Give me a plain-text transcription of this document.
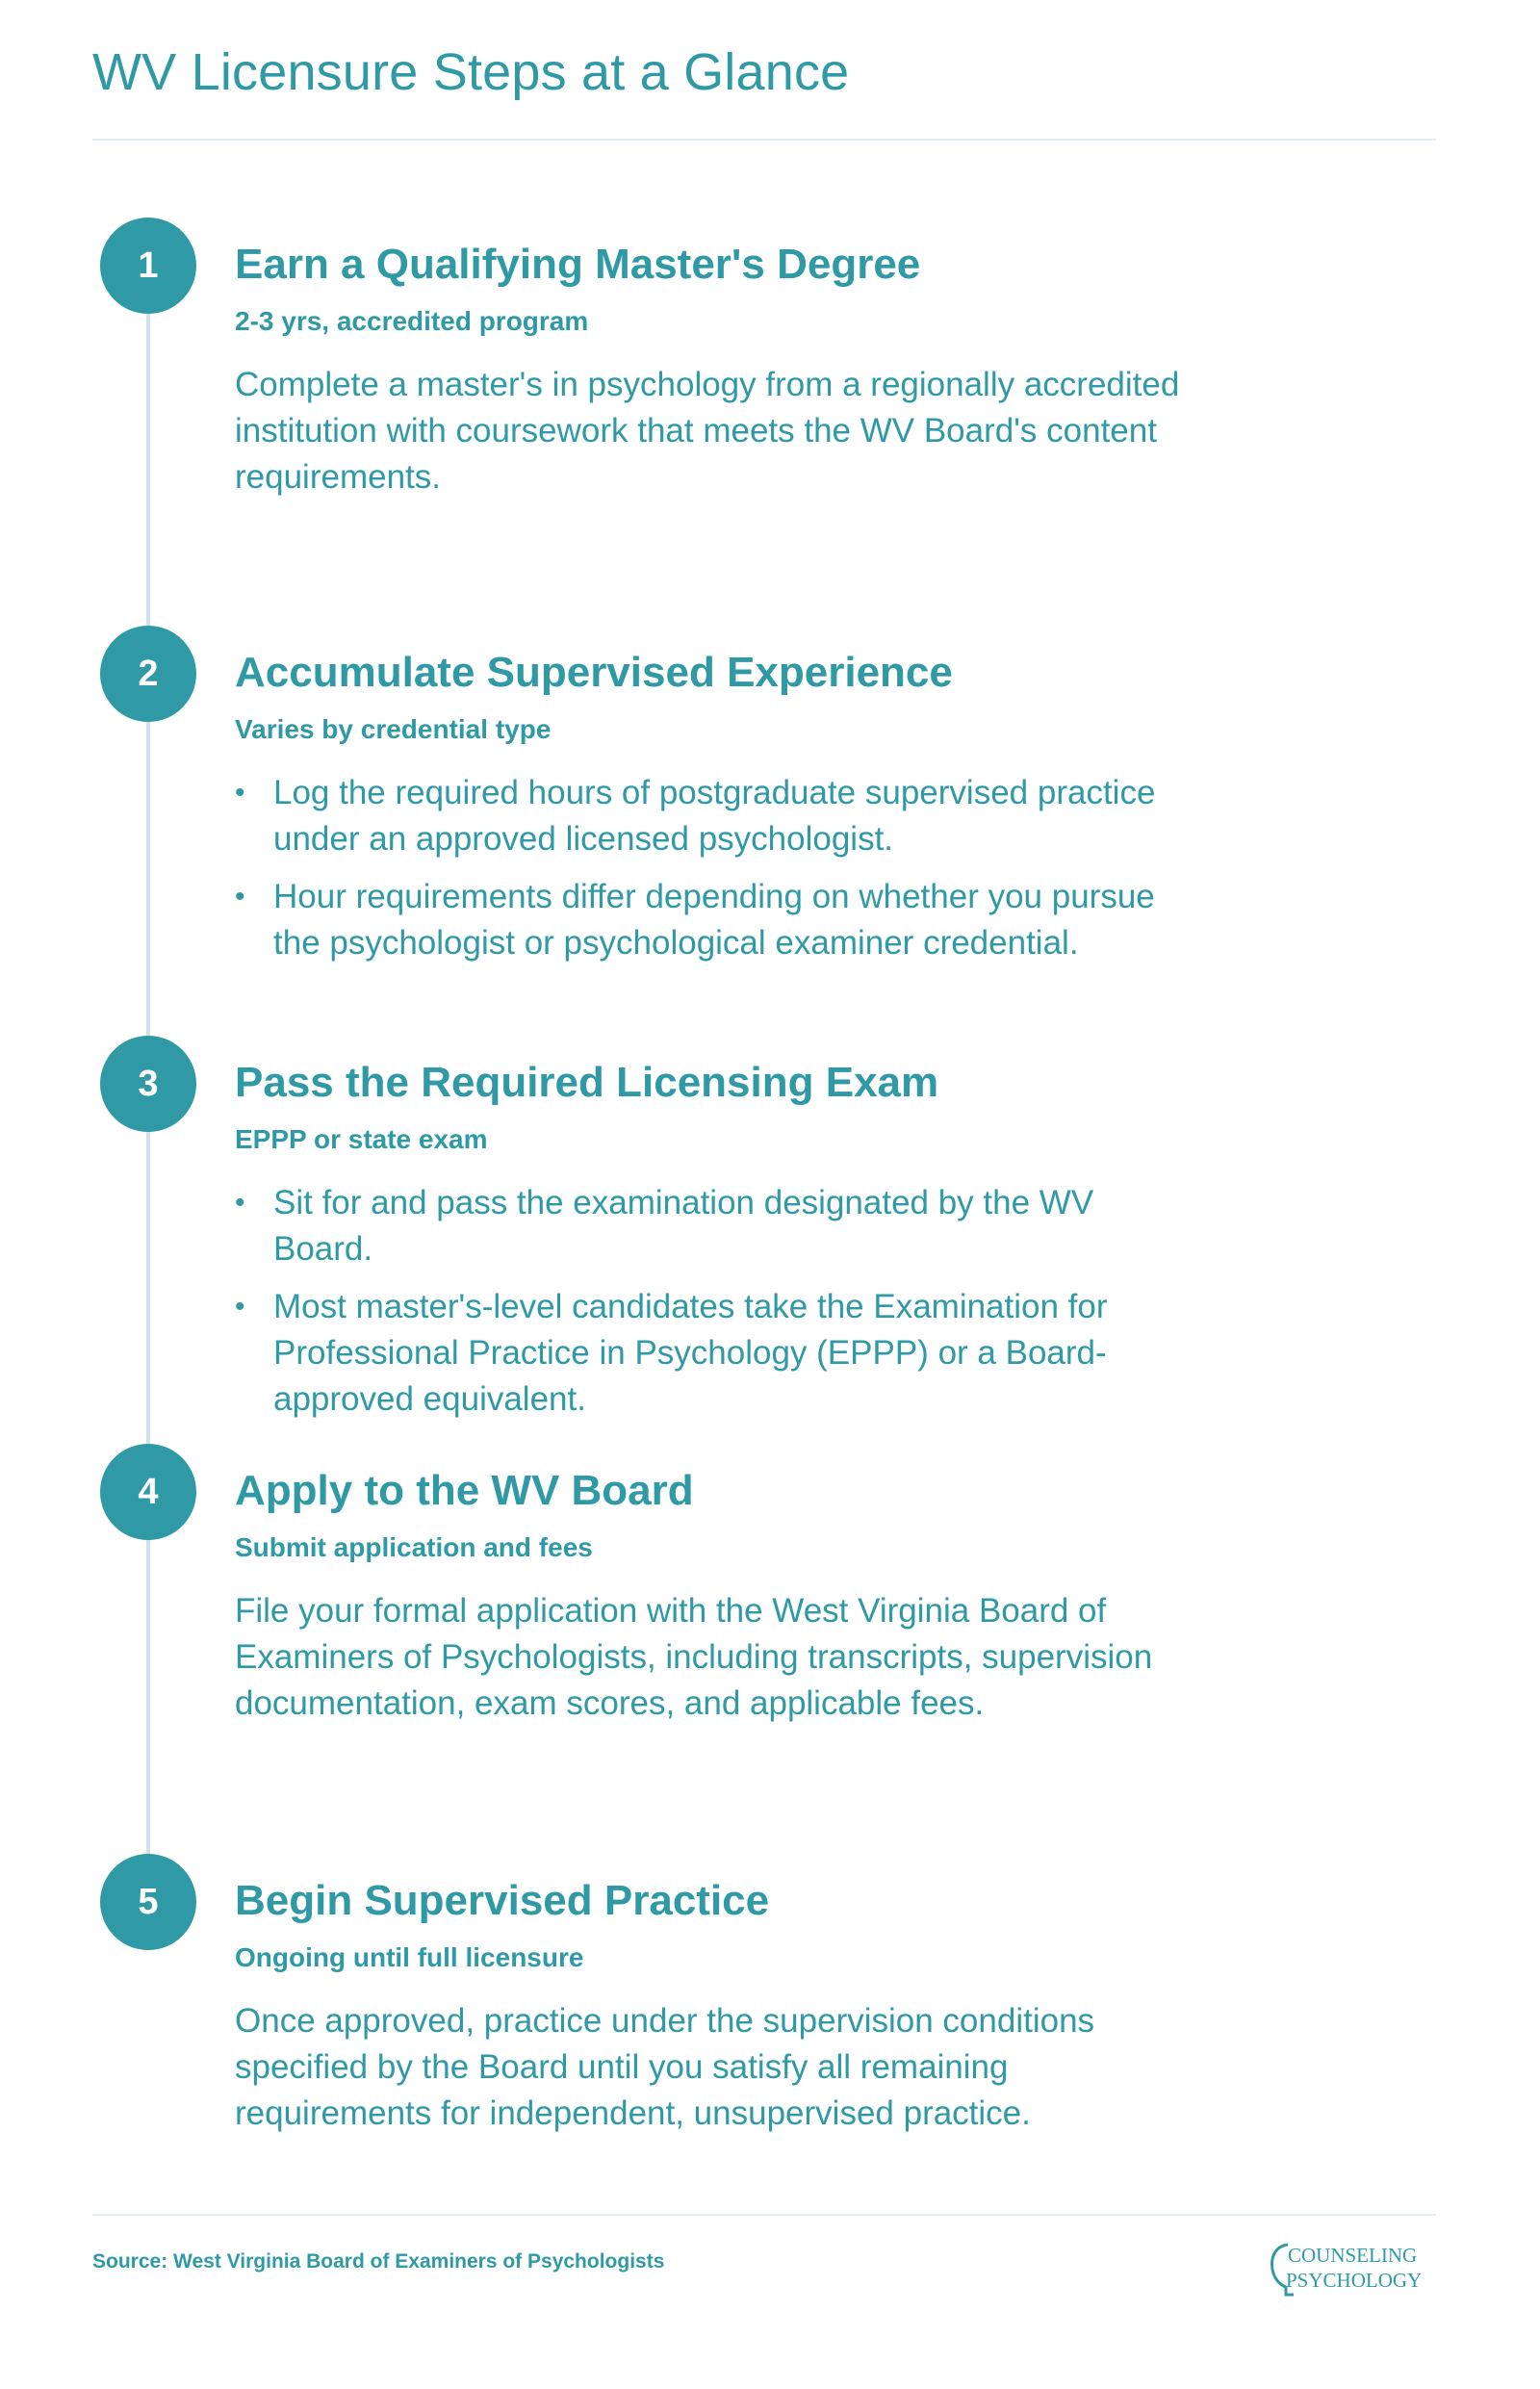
WV Licensure Steps at a Glance
1	Earn a Qualifying Master's Degree
2-3 yrs, accredited program

Complete a master's in psychology from a regionally accredited institution with coursework that meets the WV Board's content requirements.

2	Accumulate Supervised Experience
Varies by credential type
• Log the required hours of postgraduate supervised practice under an approved licensed psychologist.
• Hour requirements differ depending on whether you pursue the psychologist or psychological examiner credential.
3	Pass the Required Licensing Exam
EPPP or state exam
• Sit for and pass the examination designated by the WV Board.
• Most master's-level candidates take the Examination for Professional Practice in Psychology (EPPP) or a Board-approved equivalent.
4	Apply to the WV Board
Submit application and fees

File your formal application with the West Virginia Board of Examiners of Psychologists, including transcripts, supervision documentation, exam scores, and applicable fees.

5	Begin Supervised Practice
Ongoing until full licensure

Once approved, practice under the supervision conditions specified by the Board until you satisfy all remaining requirements for independent, unsupervised practice.

Source: West Virginia Board of Examiners of Psychologists	COUNSELING
PSYCHOLOGY
